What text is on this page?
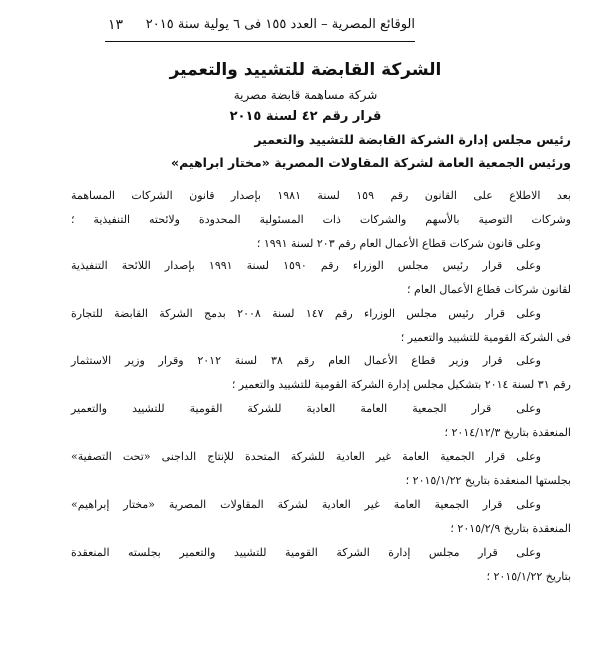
الوقائع المصرية – العدد ١٥٥ فى ٦ يولية سنة ٢٠١٥
١٣
الشركة القابضة للتشييد والتعمير
شركة مساهمة قابضة مصرية
قرار رقم ٤٢ لسنة ٢٠١٥
رئيس مجلس إدارة الشركة القابضة للتشييد والتعمير
ورئيس الجمعية العامة لشركة المقاولات المصرية «مختار ابراهيم»
بعد الاطلاع على القانون رقم ١٥٩ لسنة ١٩٨١ بإصدار قانون الشركات المساهمة
وشركات التوصية بالأسهم والشركات ذات المسئولية المحدودة ولائحته التنفيذية ؛
وعلى قانون شركات قطاع الأعمال العام رقم ٢٠٣ لسنة ١٩٩١ ؛
وعلى قرار رئيس مجلس الوزراء رقم ١٥٩٠ لسنة ١٩٩١ بإصدار اللائحة التنفيذية
لقانون شركات قطاع الأعمال العام ؛
وعلى قرار رئيس مجلس الوزراء رقم ١٤٧ لسنة ٢٠٠٨ بدمج الشركة القابضة للتجارة
فى الشركة القومية للتشييد والتعمير ؛
وعلى قرار وزير قطاع الأعمال العام رقم ٣٨ لسنة ٢٠١٢ وقرار وزير الاستثمار
رقم ٣١ لسنة ٢٠١٤ بتشكيل مجلس إدارة الشركة القومية للتشييد والتعمير ؛
وعلى قرار الجمعية العامة العادية للشركة القومية للتشييد والتعمير
المنعقدة بتاريخ ٢٠١٤/١٢/٣ ؛
وعلى قرار الجمعية العامة غير العادية للشركة المتحدة للإنتاج الداجنى «تحت التصفية»
بجلستها المنعقدة بتاريخ ٢٠١٥/١/٢٢ ؛
وعلى قرار الجمعية العامة غير العادية لشركة المقاولات المصرية «مختار إبراهيم»
المنعقدة بتاريخ ٢٠١٥/٢/٩ ؛
وعلى قرار مجلس إدارة الشركة القومية للتشييد والتعمير بجلسته المنعقدة
بتاريخ ٢٠١٥/١/٢٢ ؛
